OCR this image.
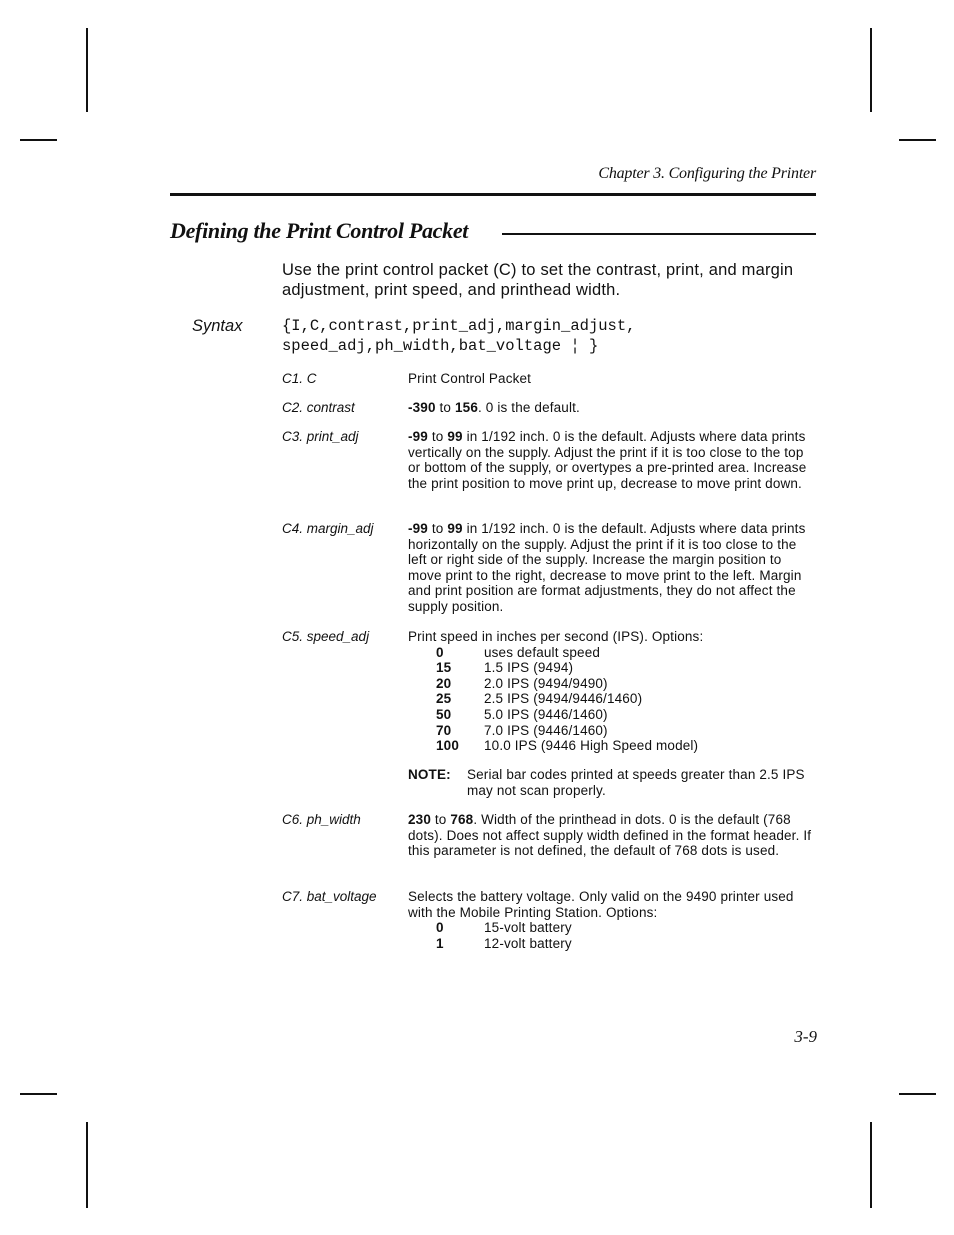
Chapter 3. Configuring the Printer
Defining the Print Control Packet
Use the print control packet (C) to set the contrast, print, and margin adjustment, print speed, and printhead width.
Syntax	{I,C,contrast,print_adj,margin_adjust,
speed_adj,ph_width,bat_voltage ¦ }
C1. C	Print Control Packet
C2. contrast	-390 to 156. 0 is the default.
C3. print_adj	-99 to 99 in 1/192 inch. 0 is the default. Adjusts where data prints vertically on the supply. Adjust the print if it is too close to the top or bottom of the supply, or overtypes a pre-printed area. Increase the print position to move print up, decrease to move print down.
C4. margin_adj	-99 to 99 in 1/192 inch. 0 is the default. Adjusts where data prints horizontally on the supply. Adjust the print if it is too close to the left or right side of the supply. Increase the margin position to move print to the right, decrease to move print to the left. Margin and print position are format adjustments, they do not affect the supply position.
C5. speed_adj	Print speed in inches per second (IPS). Options:
0	uses default speed
15	1.5 IPS (9494)
20	2.0 IPS (9494/9490)
25	2.5 IPS (9494/9446/1460)
50	5.0 IPS (9446/1460)
70	7.0 IPS (9446/1460)
100	10.0 IPS (9446 High Speed model)
NOTE:	Serial bar codes printed at speeds greater than 2.5 IPS may not scan properly.
C6. ph_width	230 to 768. Width of the printhead in dots. 0 is the default (768 dots). Does not affect supply width defined in the format header. If this parameter is not defined, the default of 768 dots is used.
C7. bat_voltage	Selects the battery voltage. Only valid on the 9490 printer used with the Mobile Printing Station. Options:
0	15-volt battery
1	12-volt battery
3-9
